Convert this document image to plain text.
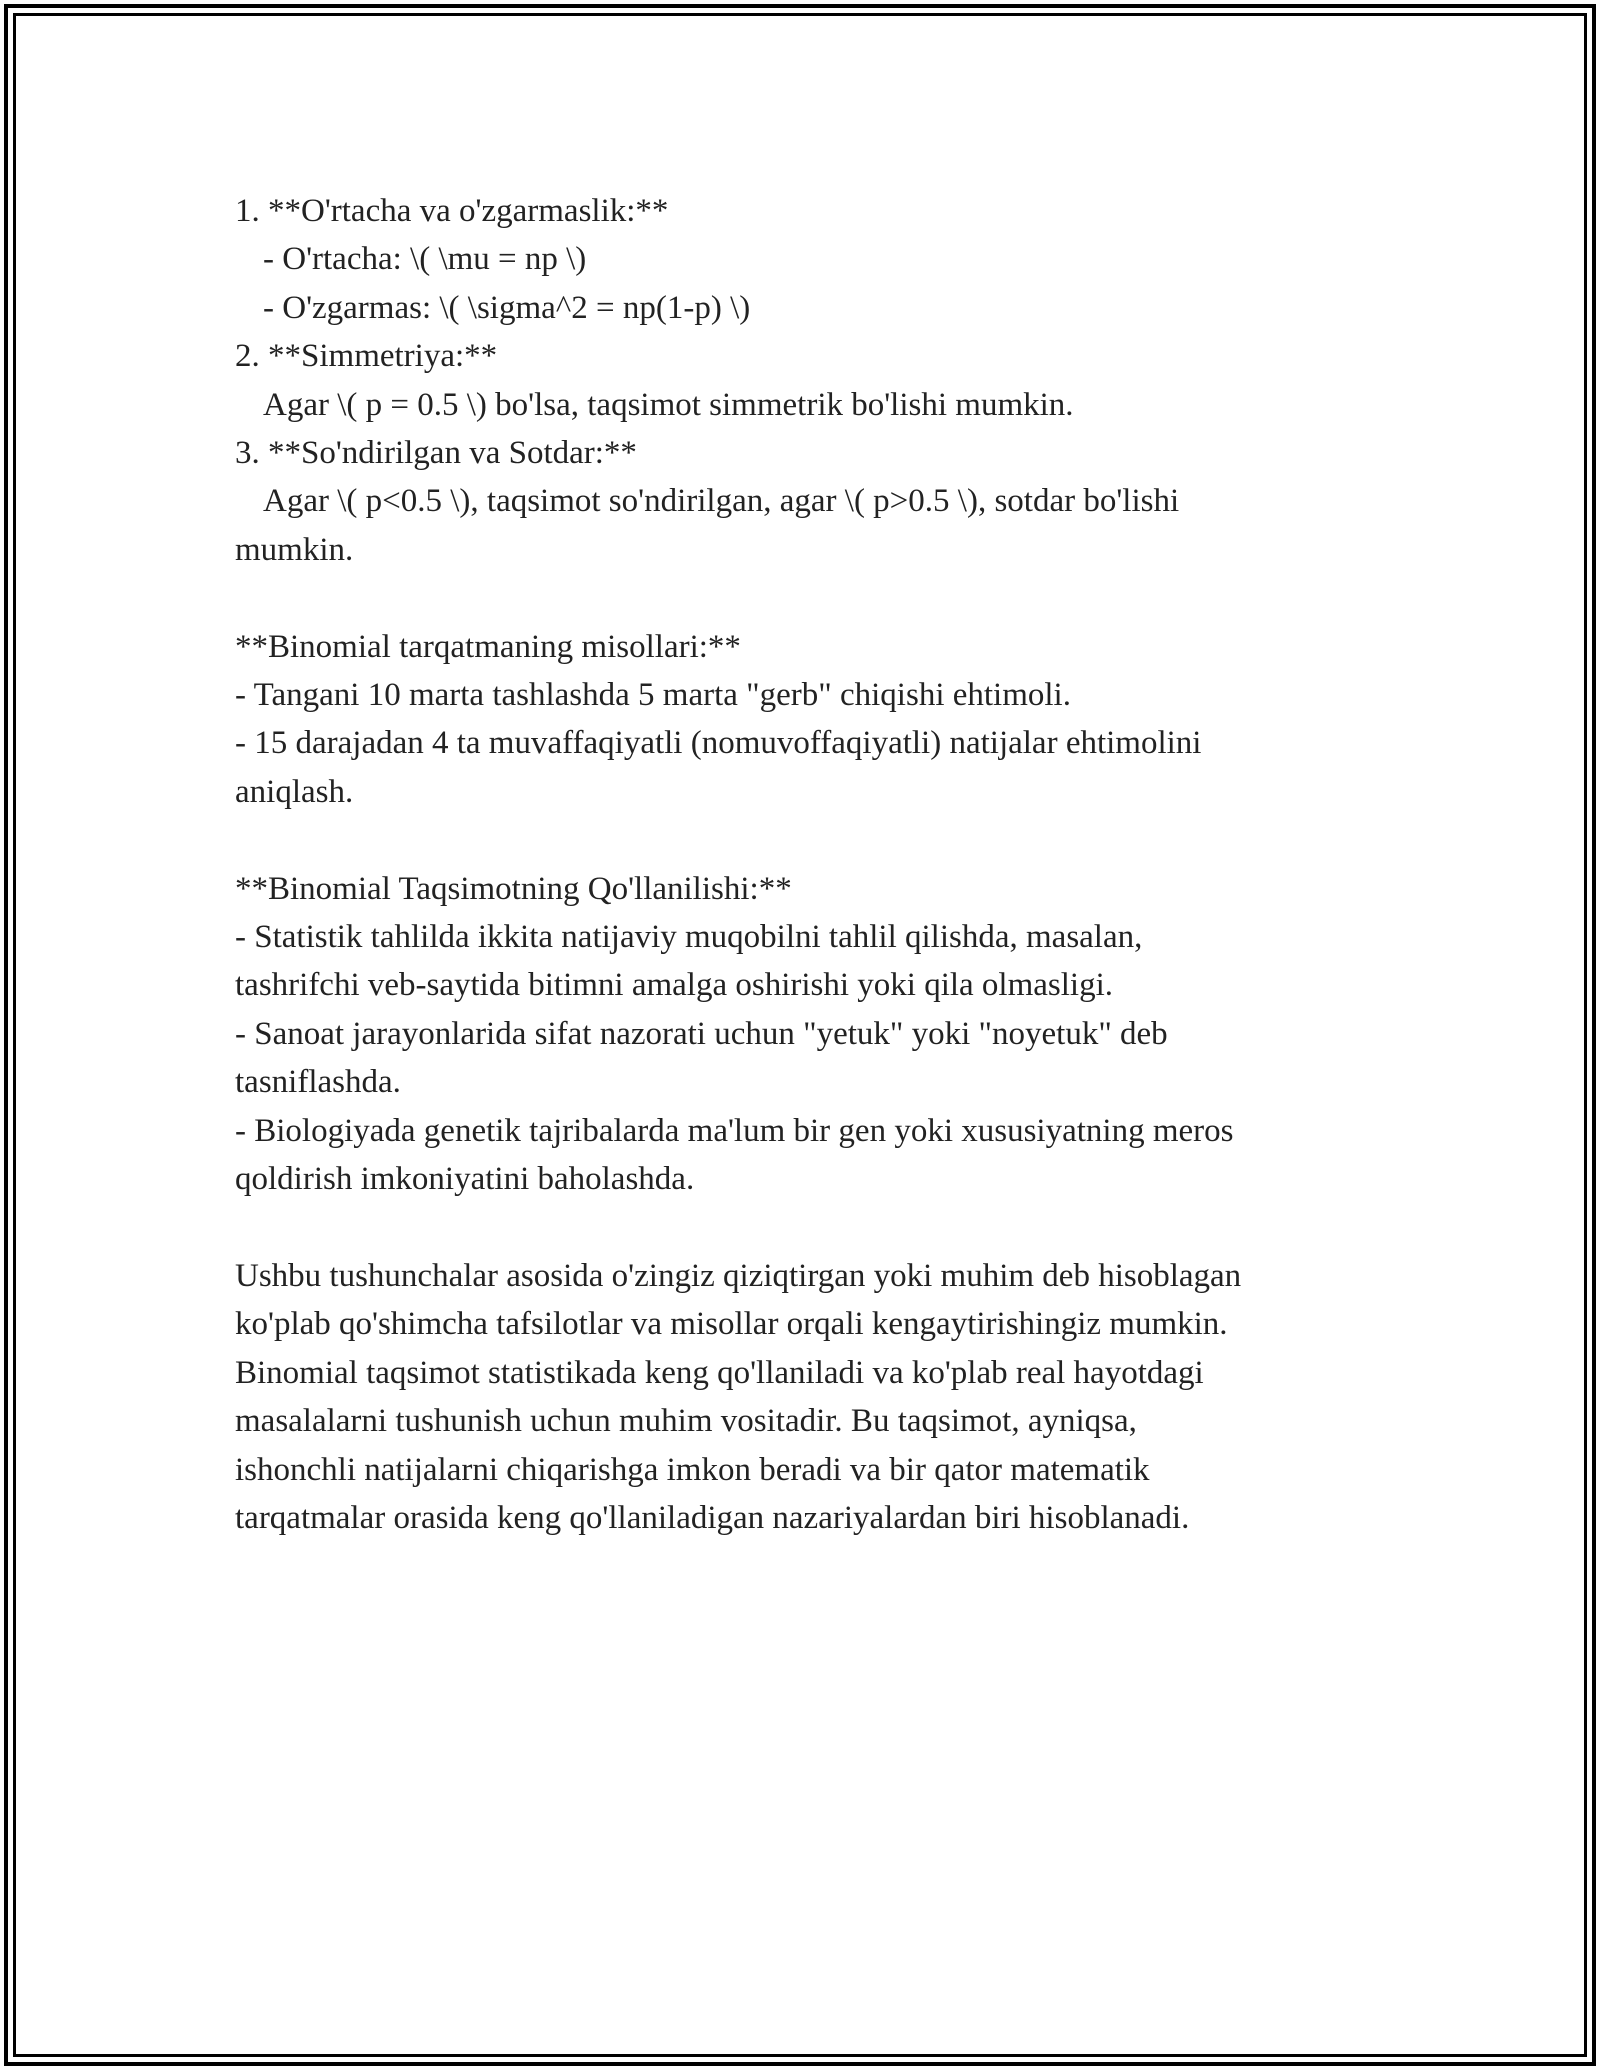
1. **O'rtacha va o'zgarmaslik:**
- O'rtacha: \( \mu = np \)
- O'zgarmas: \( \sigma^2 = np(1-p) \)
2. **Simmetriya:**
Agar \( p = 0.5 \) bo'lsa, taqsimot simmetrik bo'lishi mumkin.
3. **So'ndirilgan va Sotdar:**
Agar \( p<0.5 \), taqsimot so'ndirilgan, agar \( p>0.5 \), sotdar bo'lishi
mumkin.
**Binomial tarqatmaning misollari:**
- Tangani 10 marta tashlashda 5 marta "gerb" chiqishi ehtimoli.
- 15 darajadan 4 ta muvaffaqiyatli (nomuvoffaqiyatli) natijalar ehtimolini
aniqlash.
**Binomial Taqsimotning Qo'llanilishi:**
- Statistik tahlilda ikkita natijaviy muqobilni tahlil qilishda, masalan,
tashrifchi veb-saytida bitimni amalga oshirishi yoki qila olmasligi.
- Sanoat jarayonlarida sifat nazorati uchun "yetuk" yoki "noyetuk" deb
tasniflashda.
- Biologiyada genetik tajribalarda ma'lum bir gen yoki xususiyatning meros
qoldirish imkoniyatini baholashda.
Ushbu tushunchalar asosida o'zingiz qiziqtirgan yoki muhim deb hisoblagan
ko'plab qo'shimcha tafsilotlar va misollar orqali kengaytirishingiz mumkin.
Binomial taqsimot statistikada keng qo'llaniladi va ko'plab real hayotdagi
masalalarni tushunish uchun muhim vositadir. Bu taqsimot, ayniqsa,
ishonchli natijalarni chiqarishga imkon beradi va bir qator matematik
tarqatmalar orasida keng qo'llaniladigan nazariyalardan biri hisoblanadi.
